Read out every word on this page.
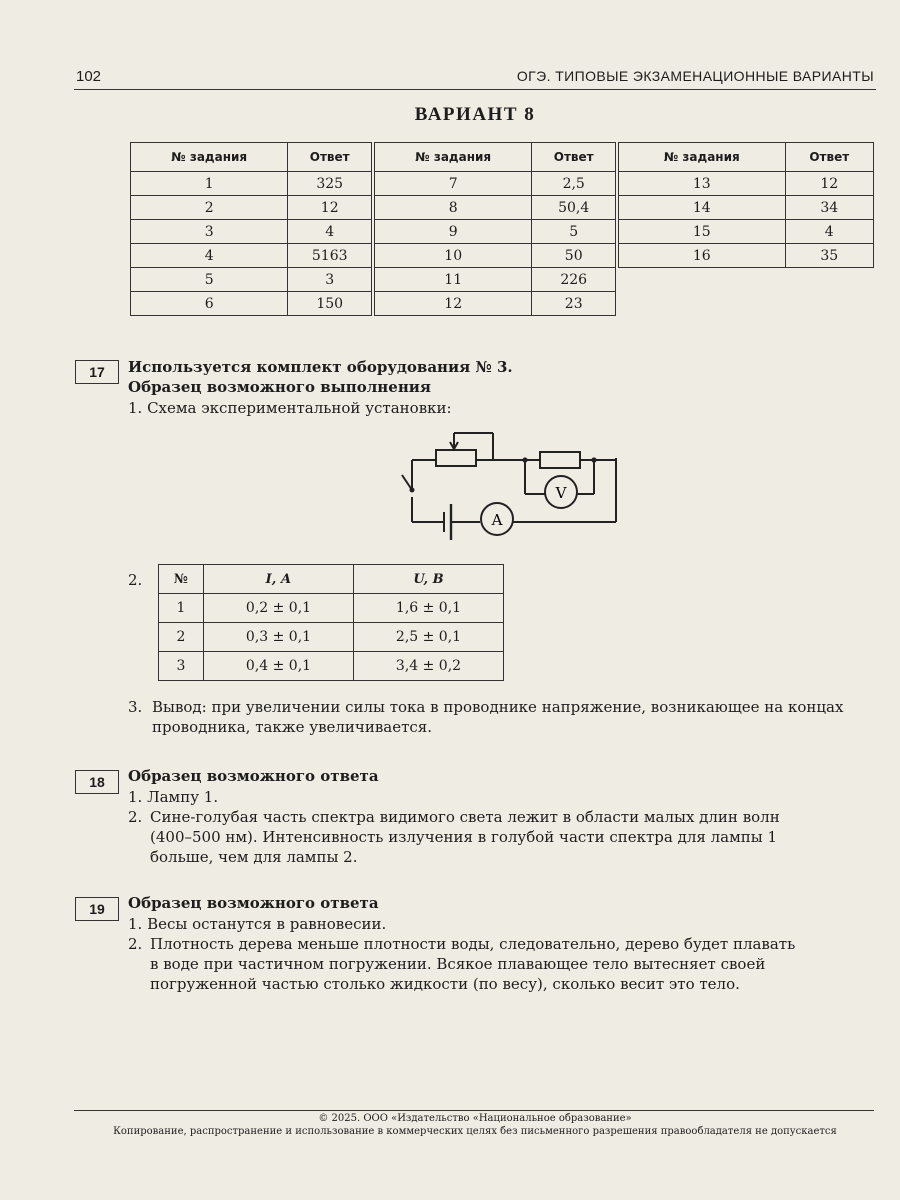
102	ОГЭ. ТИПОВЫЕ ЭКЗАМЕНАЦИОННЫЕ ВАРИАНТЫ
ВАРИАНТ 8
№ задания	Ответ
1	325
2	12
3	4
4	5163
5	3
6	150
№ задания	Ответ
7	2,5
8	50,4
9	5
10	50
11	226
12	23
№ задания	Ответ
13	12
14	34
15	4
16	35
17	Используется комплект оборудования № 3.
Образец возможного выполнения
1. Схема экспериментальной установки:
V
A
2. №	I, А	U, В
1	0,2 ± 0,1	1,6 ± 0,1
2	0,3 ± 0,1	2,5 ± 0,1
3	0,4 ± 0,1	3,4 ± 0,2
3. Вывод: при увеличении силы тока в проводнике напряжение, возникающее на концах
проводника, также увеличивается.
18	Образец возможного ответа
1. Лампу 1.
2. Сине-голубая часть спектра видимого света лежит в области малых длин волн
(400–500 нм). Интенсивность излучения в голубой части спектра для лампы 1
больше, чем для лампы 2.
19	Образец возможного ответа
1. Весы останутся в равновесии.
2. Плотность дерева меньше плотности воды, следовательно, дерево будет плавать
в воде при частичном погружении. Всякое плавающее тело вытесняет своей
погруженной частью столько жидкости (по весу), сколько весит это тело.
© 2025. ООО «Издательство «Национальное образование»
Копирование, распространение и использование в коммерческих целях без письменного разрешения правообладателя не допускается
